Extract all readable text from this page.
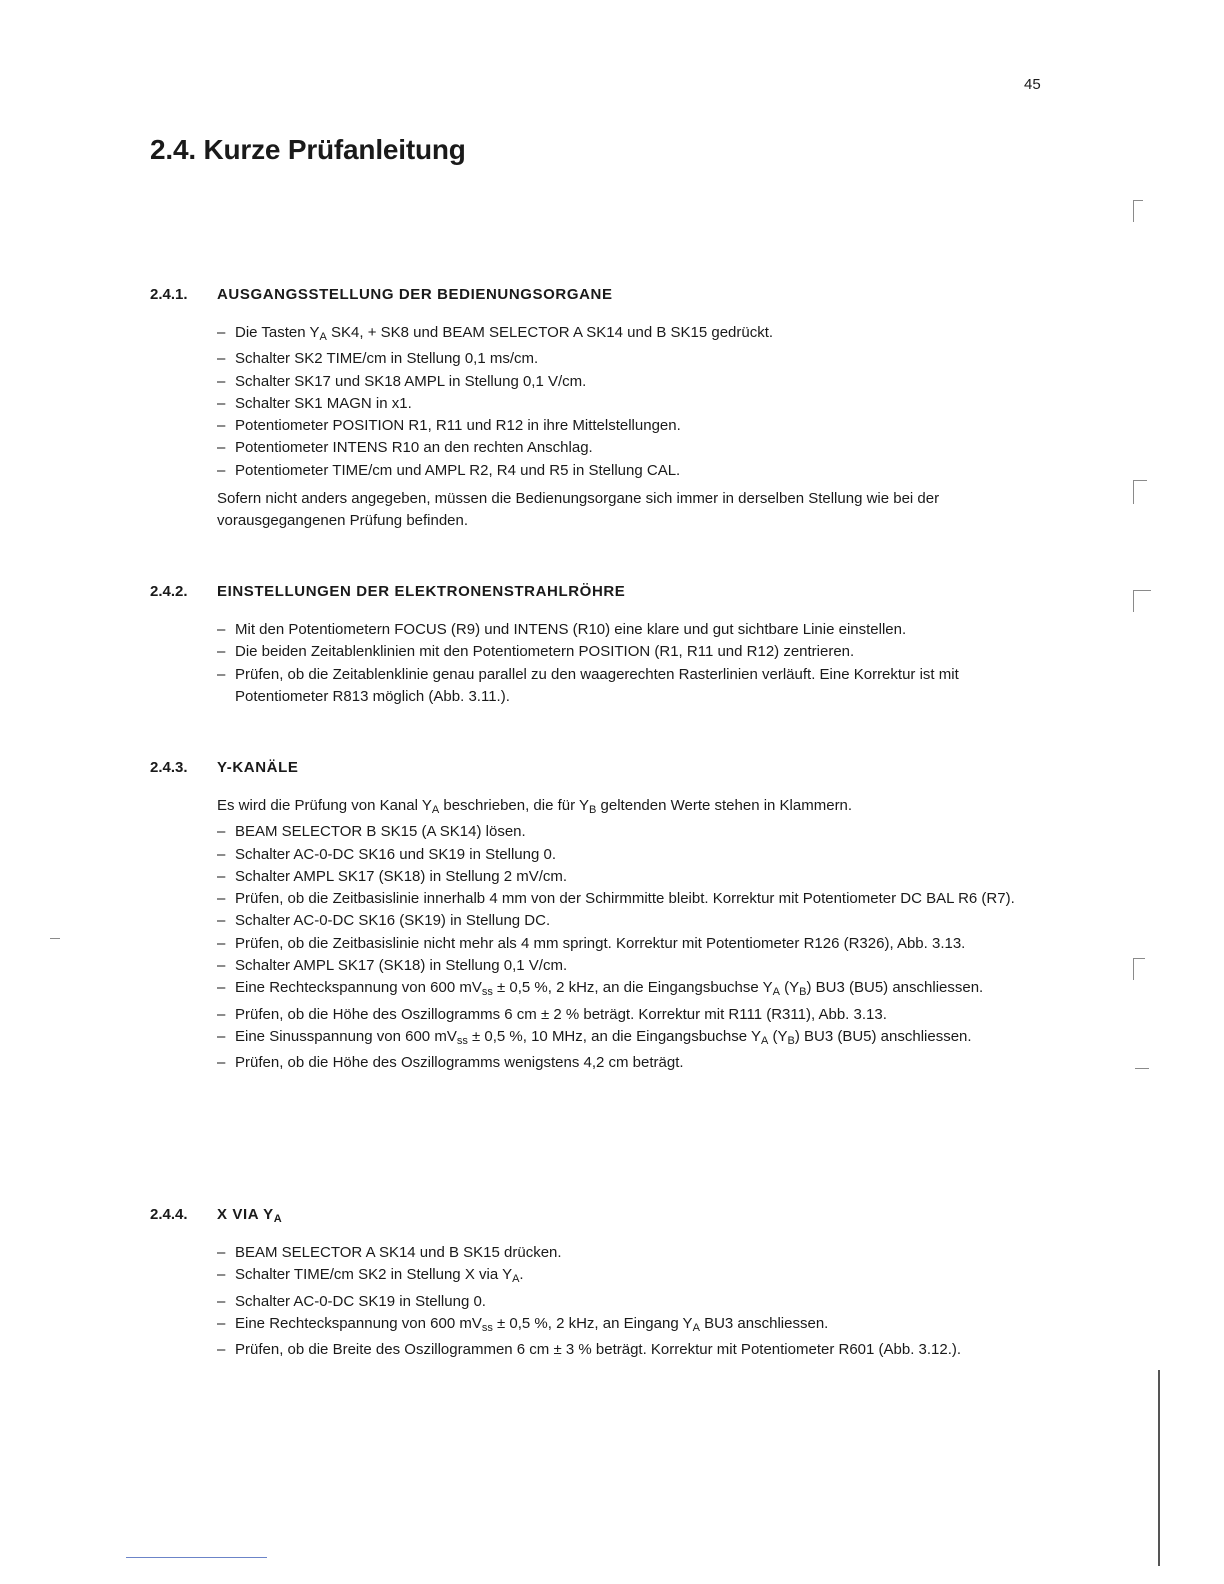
45
2.4. Kurze Prüfanleitung
2.4.1. AUSGANGSSTELLUNG DER BEDIENUNGSORGANE

– Die Tasten $Y_A$ SK4, + SK8 und BEAM SELECTOR A SK14 und B SK15 gedrückt.

– Schalter SK2 TIME/cm in Stellung 0,1 ms/cm.

– Schalter SK17 und SK18 AMPL in Stellung 0,1 V/cm.

– Schalter SK1 MAGN in x1.

– Potentiometer POSITION R1, R11 und R12 in ihre Mittelstellungen.

– Potentiometer INTENS R10 an den rechten Anschlag.

– Potentiometer TIME/cm und AMPL R2, R4 und R5 in Stellung CAL.

Sofern nicht anders angegeben, müssen die Bedienungsorgane sich immer in derselben Stellung wie bei der vorausgegangenen Prüfung befinden.

2.4.2. EINSTELLUNGEN DER ELEKTRONENSTRAHLRÖHRE

– Mit den Potentiometern FOCUS (R9) und INTENS (R10) eine klare und gut sichtbare Linie einstellen.

– Die beiden Zeitablenklinien mit den Potentiometern POSITION (R1, R11 und R12) zentrieren.

– Prüfen, ob die Zeitablenklinie genau parallel zu den waagerechten Rasterlinien verläuft. Eine Korrektur ist mit Potentiometer R813 möglich (Abb. 3.11.).

2.4.3. Y-KANÄLE

Es wird die Prüfung von Kanal $Y_A$ beschrieben, die für $Y_B$ geltenden Werte stehen in Klammern.

– BEAM SELECTOR B SK15 (A SK14) lösen.

– Schalter AC-0-DC SK16 und SK19 in Stellung 0.

– Schalter AMPL SK17 (SK18) in Stellung 2 mV/cm.

– Prüfen, ob die Zeitbasislinie innerhalb 4 mm von der Schirmmitte bleibt. Korrektur mit Potentiometer DC BAL R6 (R7).

– Schalter AC-0-DC SK16 (SK19) in Stellung DC.

– Prüfen, ob die Zeitbasislinie nicht mehr als 4 mm springt. Korrektur mit Potentiometer R126 (R326), Abb. 3.13.

– Schalter AMPL SK17 (SK18) in Stellung 0,1 V/cm.

– Eine Rechteckspannung von 600 $mV_{ss} \pm 0,5$ %, 2 kHz, an die Eingangsbuchse $Y_A$ $(Y_B)$ BU3 (BU5) anschliessen.

– Prüfen, ob die Höhe des Oszillogramms 6 cm ± 2 % beträgt. Korrektur mit R111 (R311), Abb. 3.13.

– Eine Sinusspannung von 600 $mV_{ss} \pm 0,5$ %, 10 MHz, an die Eingangsbuchse $Y_A$ $(Y_B)$ BU3 (BU5) anschliessen.

– Prüfen, ob die Höhe des Oszillogramms wenigstens 4,2 cm beträgt.

2.4.4. X VIA $Y_A$

– BEAM SELECTOR A SK14 und B SK15 drücken.

– Schalter TIME/cm SK2 in Stellung X via $Y_A$.

– Schalter AC-0-DC SK19 in Stellung 0.

– Eine Rechteckspannung von 600 $mV_{ss} \pm 0,5$ %, 2 kHz, an Eingang $Y_A$ BU3 anschliessen.

– Prüfen, ob die Breite des Oszillogrammen 6 cm ± 3 % beträgt. Korrektur mit Potentiometer R601 (Abb. 3.12.).
